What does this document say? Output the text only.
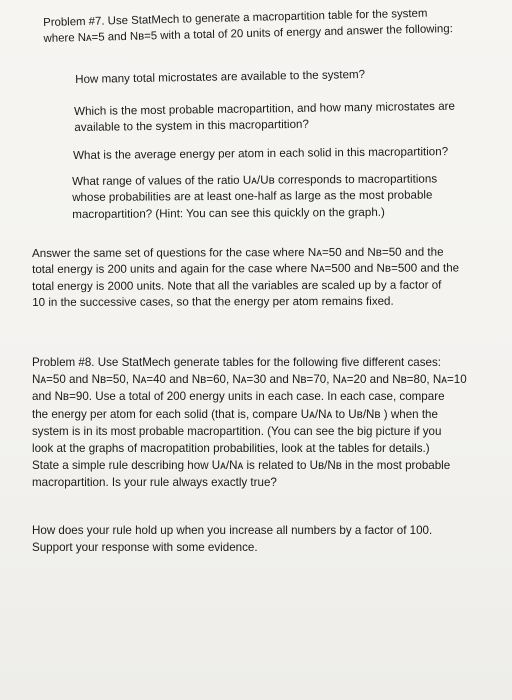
Problem #7. Use StatMech to generate a macropartition table for the system
where Nᴀ=5 and Nʙ=5 with a total of 20 units of energy and answer the following:

How many total microstates are available to the system?

Which is the most probable macropartition, and how many microstates are
available to the system in this macropartition?

What is the average energy per atom in each solid in this macropartition?

What range of values of the ratio Uᴀ/Uʙ corresponds to macropartitions
whose probabilities are at least one-half as large as the most probable
macropartition? (Hint: You can see this quickly on the graph.)

Answer the same set of questions for the case where Nᴀ=50 and Nʙ=50 and the
total energy is 200 units and again for the case where Nᴀ=500 and Nʙ=500 and the
total energy is 2000 units. Note that all the variables are scaled up by a factor of
10 in the successive cases, so that the energy per atom remains fixed.

Problem #8. Use StatMech generate tables for the following five different cases:
Nᴀ=50 and Nʙ=50, Nᴀ=40 and Nʙ=60, Nᴀ=30 and Nʙ=70, Nᴀ=20 and Nʙ=80, Nᴀ=10
and Nʙ=90. Use a total of 200 energy units in each case. In each case, compare
the energy per atom for each solid (that is, compare Uᴀ/Nᴀ to Uʙ/Nʙ ) when the
system is in its most probable macropartition. (You can see the big picture if you
look at the graphs of macropatition probabilities, look at the tables for details.)
State a simple rule describing how Uᴀ/Nᴀ is related to Uʙ/Nʙ in the most probable
macropartition. Is your rule always exactly true?

How does your rule hold up when you increase all numbers by a factor of 100.
Support your response with some evidence.
